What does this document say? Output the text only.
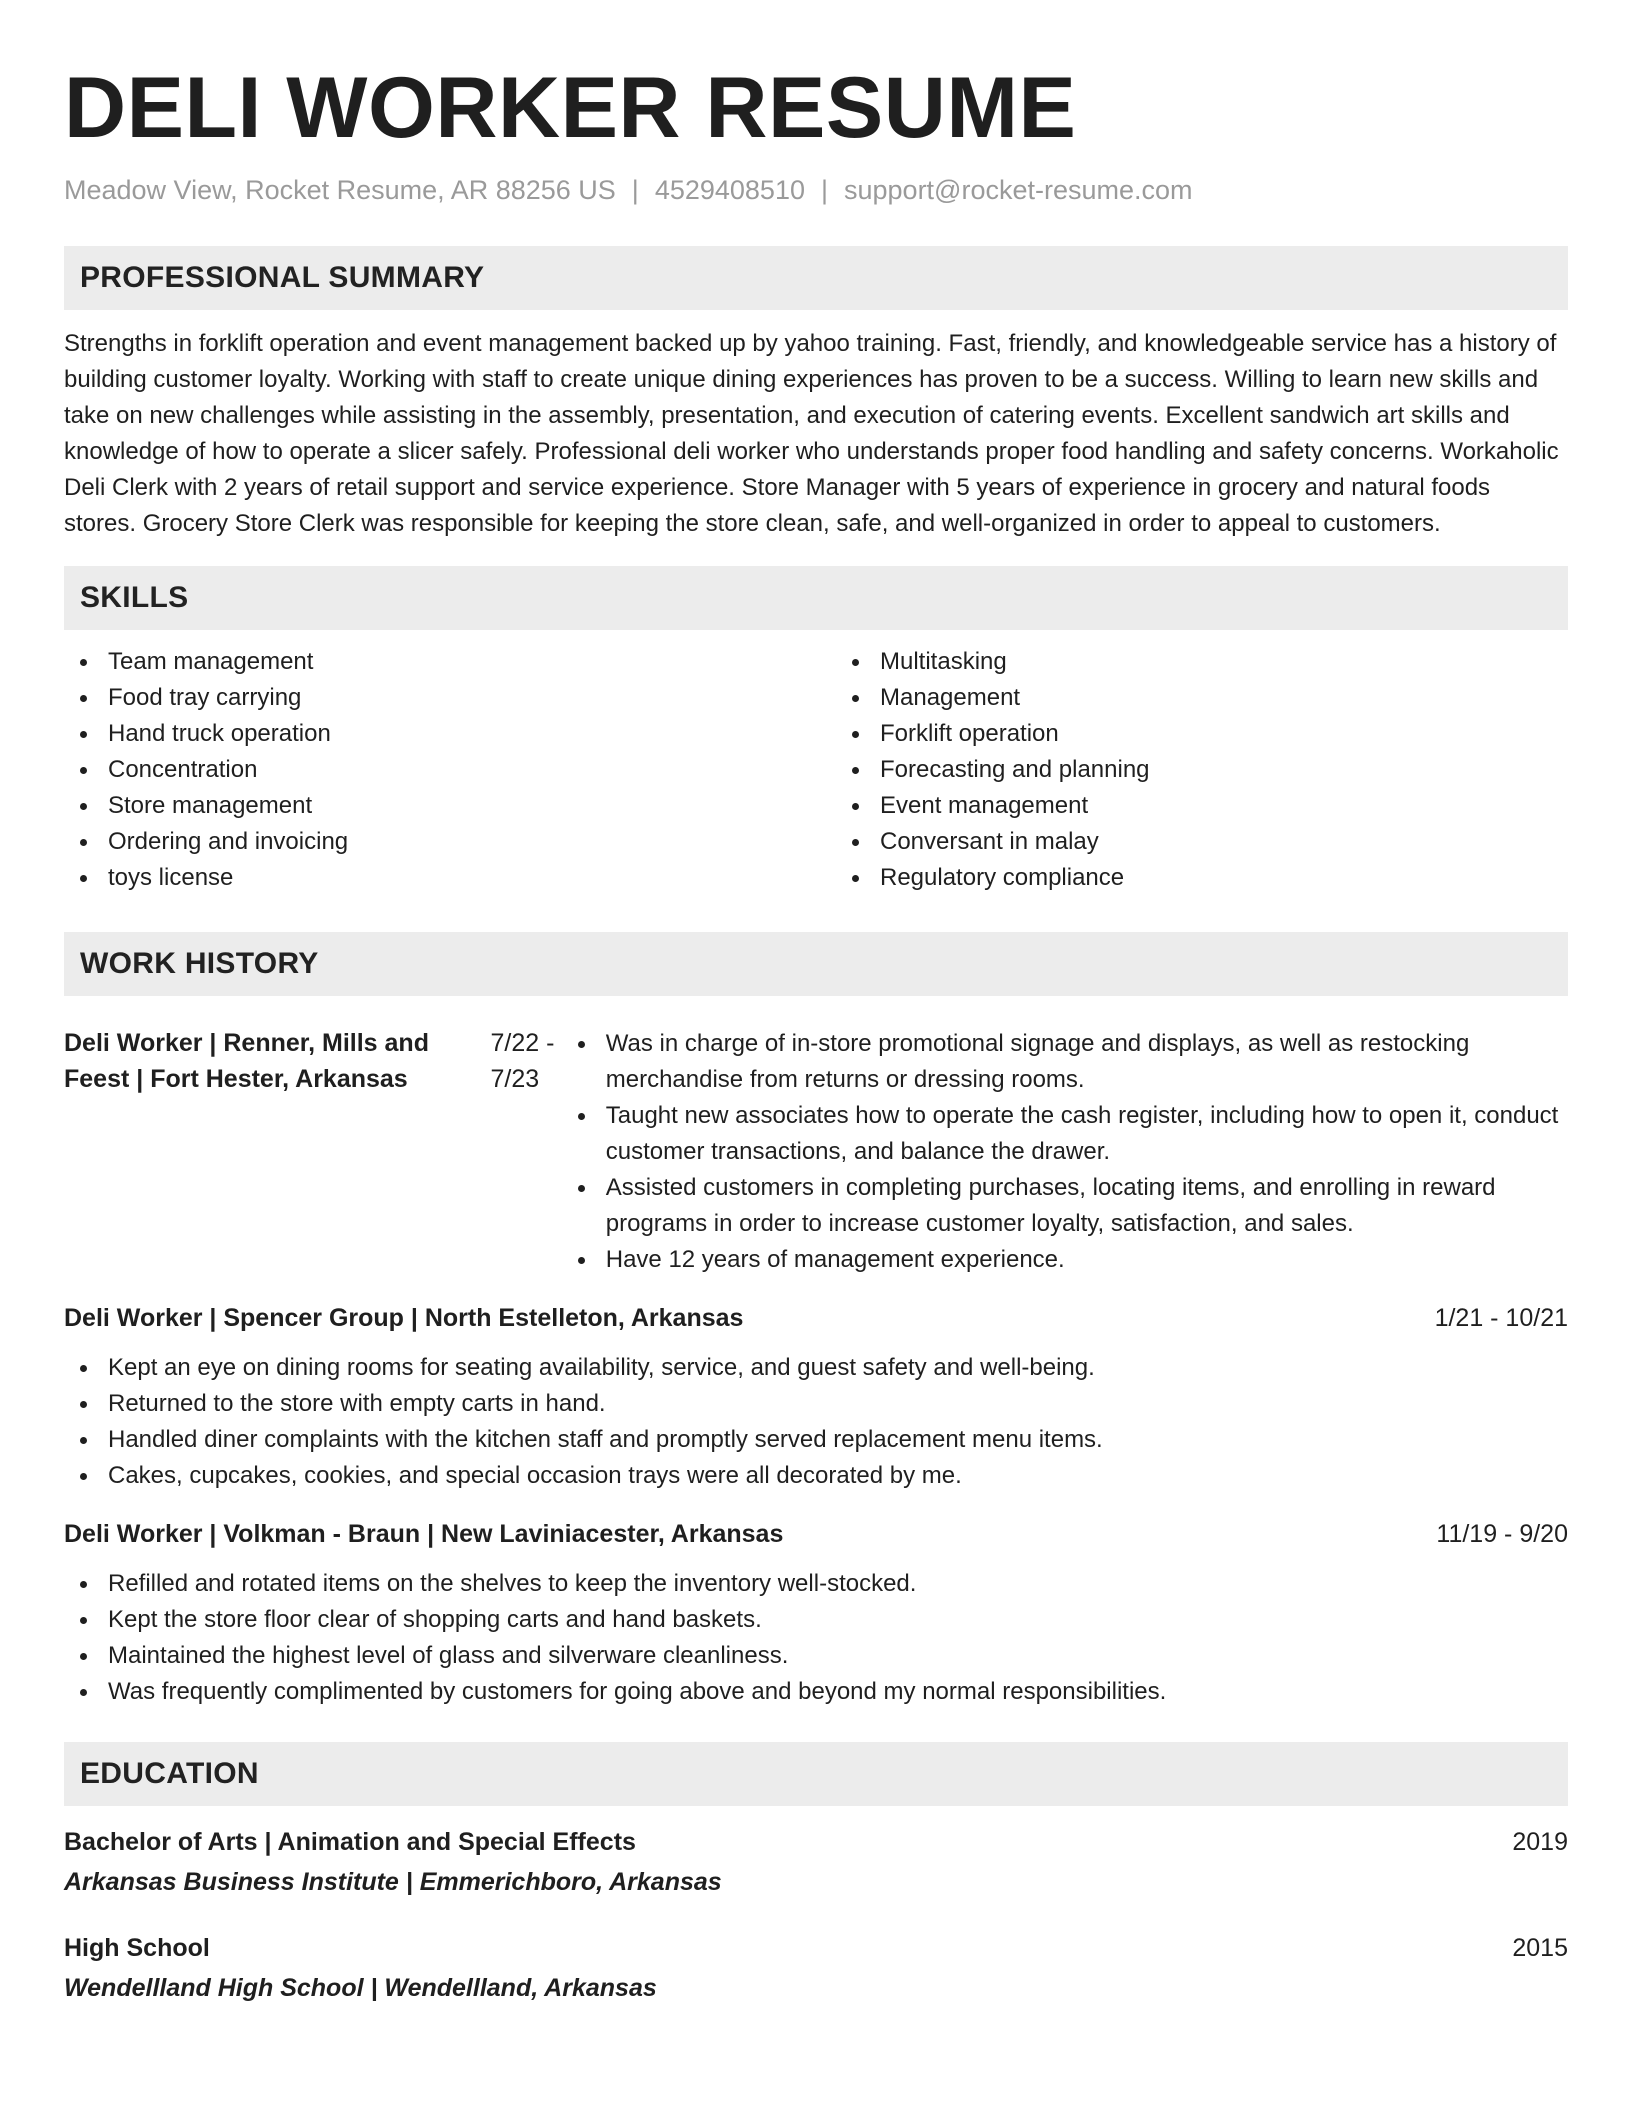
DELI WORKER RESUME
Meadow View, Rocket Resume, AR 88256 US | 4529408510 | support@rocket-resume.com
PROFESSIONAL SUMMARY

Strengths in forklift operation and event management backed up by yahoo training. Fast, friendly, and knowledgeable service has a history of building customer loyalty. Working with staff to create unique dining experiences has proven to be a success. Willing to learn new skills and take on new challenges while assisting in the assembly, presentation, and execution of catering events. Excellent sandwich art skills and knowledge of how to operate a slicer safely. Professional deli worker who understands proper food handling and safety concerns. Workaholic Deli Clerk with 2 years of retail support and service experience. Store Manager with 5 years of experience in grocery and natural foods stores. Grocery Store Clerk was responsible for keeping the store clean, safe, and well-organized in order to appeal to customers.

SKILLS
Team management
Food tray carrying
Hand truck operation
Concentration
Store management
Ordering and invoicing
toys license
Multitasking
Management
Forklift operation
Forecasting and planning
Event management
Conversant in malay
Regulatory compliance
WORK HISTORY
Deli Worker | Renner, Mills and Feest | Fort Hester, Arkansas
7/22 - 7/23
Was in charge of in-store promotional signage and displays, as well as restocking merchandise from returns or dressing rooms.
Taught new associates how to operate the cash register, including how to open it, conduct customer transactions, and balance the drawer.
Assisted customers in completing purchases, locating items, and enrolling in reward programs in order to increase customer loyalty, satisfaction, and sales.
Have 12 years of management experience.
Deli Worker | Spencer Group | North Estelleton, Arkansas	1/21 - 10/21
Kept an eye on dining rooms for seating availability, service, and guest safety and well-being.
Returned to the store with empty carts in hand.
Handled diner complaints with the kitchen staff and promptly served replacement menu items.
Cakes, cupcakes, cookies, and special occasion trays were all decorated by me.
Deli Worker | Volkman - Braun | New Laviniacester, Arkansas	11/19 - 9/20
Refilled and rotated items on the shelves to keep the inventory well-stocked.
Kept the store floor clear of shopping carts and hand baskets.
Maintained the highest level of glass and silverware cleanliness.
Was frequently complimented by customers for going above and beyond my normal responsibilities.
EDUCATION
Bachelor of Arts | Animation and Special Effects	2019
Arkansas Business Institute | Emmerichboro, Arkansas
High School	2015
Wendellland High School | Wendellland, Arkansas
